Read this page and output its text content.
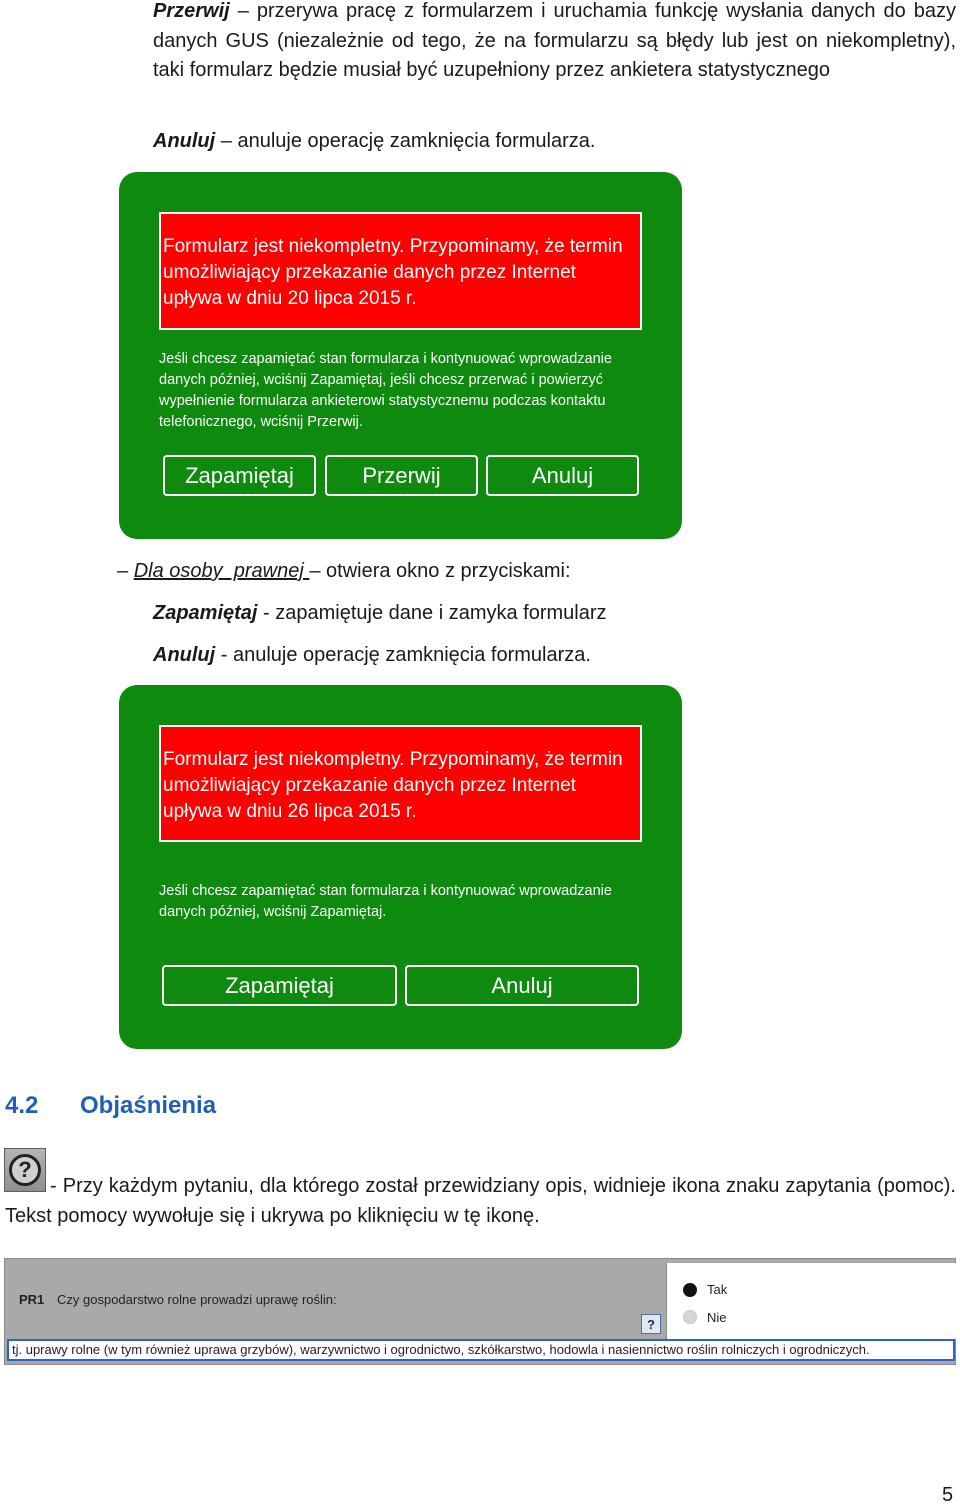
Przerwij – przerywa pracę z formularzem i uruchamia funkcję wysłania danych do bazy danych GUS (niezależnie od tego, że na formularzu są błędy lub jest on niekompletny), taki formularz będzie musiał być uzupełniony przez ankietera statystycznego

Anuluj – anuluje operację zamknięcia formularza.

Formularz jest niekompletny. Przypominamy, że termin umożliwiający przekazanie danych przez Internet upływa w dniu 20 lipca 2015 r.
Jeśli chcesz zapamiętać stan formularza i kontynuować wprowadzanie danych później, wciśnij Zapamiętaj, jeśli chcesz przerwać i powierzyć wypełnienie formularza ankieterowi statystycznemu podczas kontaktu telefonicznego, wciśnij Przerwij.
Zapamiętaj	Przerwij	Anuluj

– Dla osoby  prawnej – otwiera okno z przyciskami:

Zapamiętaj - zapamiętuje dane i zamyka formularz

Anuluj - anuluje operację zamknięcia formularza.

Formularz jest niekompletny. Przypominamy, że termin umożliwiający przekazanie danych przez Internet upływa w dniu 26 lipca 2015 r.
Jeśli chcesz zapamiętać stan formularza i kontynuować wprowadzanie danych później, wciśnij Zapamiętaj.
Zapamiętaj	Anuluj
4.2 Objaśnienia
?

- Przy każdym pytaniu, dla którego został przewidziany opis, widnieje ikona znaku zapytania (pomoc). Tekst pomocy wywołuje się i ukrywa po kliknięciu w tę ikonę.

PR1 Czy gospodarstwo rolne prowadzi uprawę roślin:
?
Tak
Nie
tj. uprawy rolne (w tym również uprawa grzybów), warzywnictwo i ogrodnictwo, szkółkarstwo, hodowla i nasiennictwo roślin rolniczych i ogrodniczych.
5
